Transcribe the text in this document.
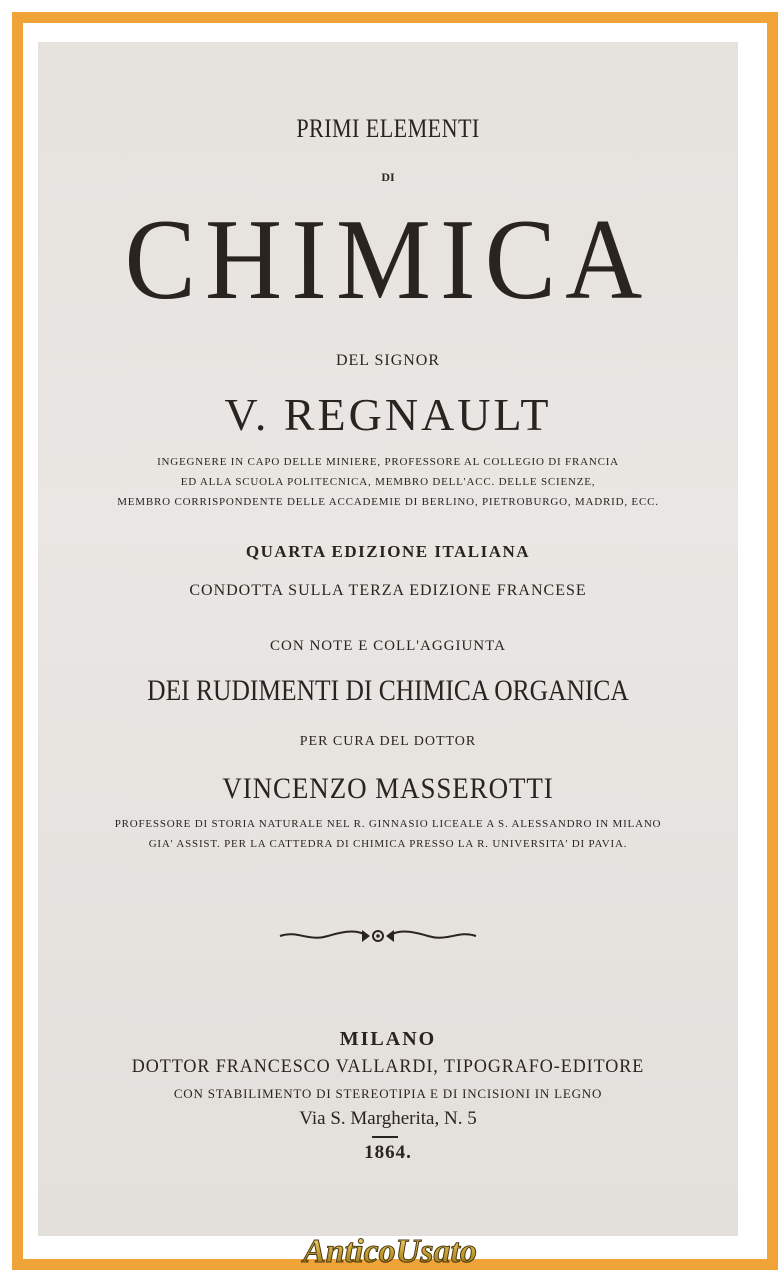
PRIMI ELEMENTI
DI
CHIMICA
DEL SIGNOR
V. REGNAULT
INGEGNERE IN CAPO DELLE MINIERE, PROFESSORE AL COLLEGIO DI FRANCIA
ED ALLA SCUOLA POLITECNICA, MEMBRO DELL'ACC. DELLE SCIENZE,
MEMBRO CORRISPONDENTE DELLE ACCADEMIE DI BERLINO, PIETROBURGO, MADRID, ECC.
QUARTA EDIZIONE ITALIANA
CONDOTTA SULLA TERZA EDIZIONE FRANCESE
CON NOTE E COLL'AGGIUNTA
DEI RUDIMENTI DI CHIMICA ORGANICA
PER CURA DEL DOTTOR
VINCENZO MASSEROTTI
PROFESSORE DI STORIA NATURALE NEL R. GINNASIO LICEALE A S. ALESSANDRO IN MILANO
GIA' ASSIST. PER LA CATTEDRA DI CHIMICA PRESSO LA R. UNIVERSITA' DI PAVIA.
MILANO
DOTTOR FRANCESCO VALLARDI, TIPOGRAFO-EDITORE
CON STABILIMENTO DI STEREOTIPIA E DI INCISIONI IN LEGNO
Via S. Margherita, N. 5
1864.
AnticoUsato
